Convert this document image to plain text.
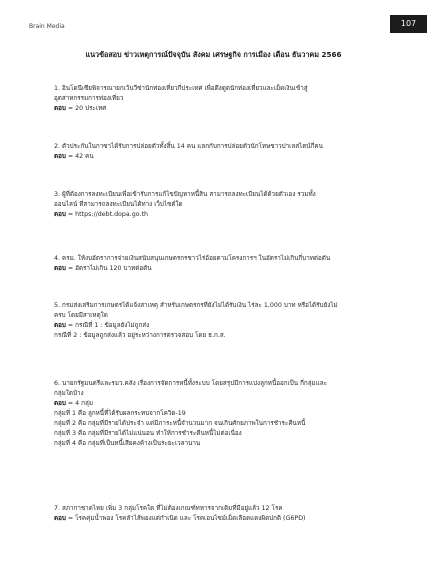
Brain Media	107
แนวข้อสอบ ข่าวเหตุการณ์ปัจจุบัน สังคม เศรษฐกิจ การเมือง เดือน ธันวาคม 2566

1. อินโดนีเซียพิจารณายกเว้นวีซ่านักท่องเที่ยวกี่ประเทศ เพื่อดึงดูดนักท่องเที่ยวและเม็ดเงินเข้าสู่

อุตสาหกรรมการท่องเที่ยว

ตอบ = 20 ประเทศ

2. ตัวประกันในกาซาได้รับการปล่อยตัวทั้งสิ้น 14 คน แลกกับการปล่อยตัวนักโทษชาวปาเลสไตน์กี่คน

ตอบ = 42 คน

3. ผู้ที่ต้องการลงทะเบียนเพื่อเข้ารับการแก้ไขปัญหาหนี้สิน สามารถลงทะเบียนได้ด้วยตัวเอง รวมทั้ง

ออนไลน์ ที่สามารถลงทะเบียนได้ทาง เว็บไซต์ใด

ตอบ = https://debt.dopa.go.th

4. ครม. ให้งบอัตราการจ่ายเงินสนับสนุนเกษตรกรชาวไร่อ้อยตามโครงการฯ ในอัตราไม่เกินกี่บาทต่อตัน

ตอบ = อัตราไม่เกิน 120 บาทต่อตัน

5. กรมส่งเสริมการเกษตรได้แจ้งสาเหตุ สำหรับเกษตรกรที่ยังไม่ได้รับเงิน ไร่ละ 1,000 บาท หรือได้รับยังไม่

ครบ โดยมีสาเหตุใด

ตอบ = กรณีที่ 1 : ข้อมูลยังไม่ถูกส่ง

กรณีที่ 2 : ข้อมูลถูกส่งแล้ว อยู่ระหว่างการตรวจสอบ โดย ธ.ก.ส.

6. นายกรัฐมนตรีและรมว.คลัง เรื่องการจัดการหนี้ทั้งระบบ โดยสรุปมีการแบ่งลูกหนี้ออกเป็น กี่กลุ่มและ

กลุ่มใดบ้าง

ตอบ = 4 กลุ่ม

กลุ่มที่ 1 คือ ลูกหนี้ที่ได้รับผลกระทบจากโควิด-19

กลุ่มที่ 2 คือ กลุ่มที่มีรายได้ประจำ แต่มีภาระหนี้จำนวนมาก จนเกินศักยภาพในการชำระคืนหนี้

กลุ่มที่ 3 คือ กลุ่มที่มีรายได้ไม่แน่นอน ทำให้การชำระคืนหนี้ไม่ต่อเนื่อง

กลุ่มที่ 4 คือ กลุ่มที่เป็นหนี้เสียคงค้างเป็นระยะเวลานาน

7. สภากาชาดไทย เพิ่ม 3 กลุ่มโรคใด ที่ไม่ต้องเกณฑ์ทหารจากเดิมที่มีอยู่แล้ว 12 โรค

ตอบ = โรคคุ่มน้ำพอง โรคลำไส้พองแต่กำเนิด และ โรคเอนไซม์เม็ดเลือดแดงผิดปกติ (G6PD)
